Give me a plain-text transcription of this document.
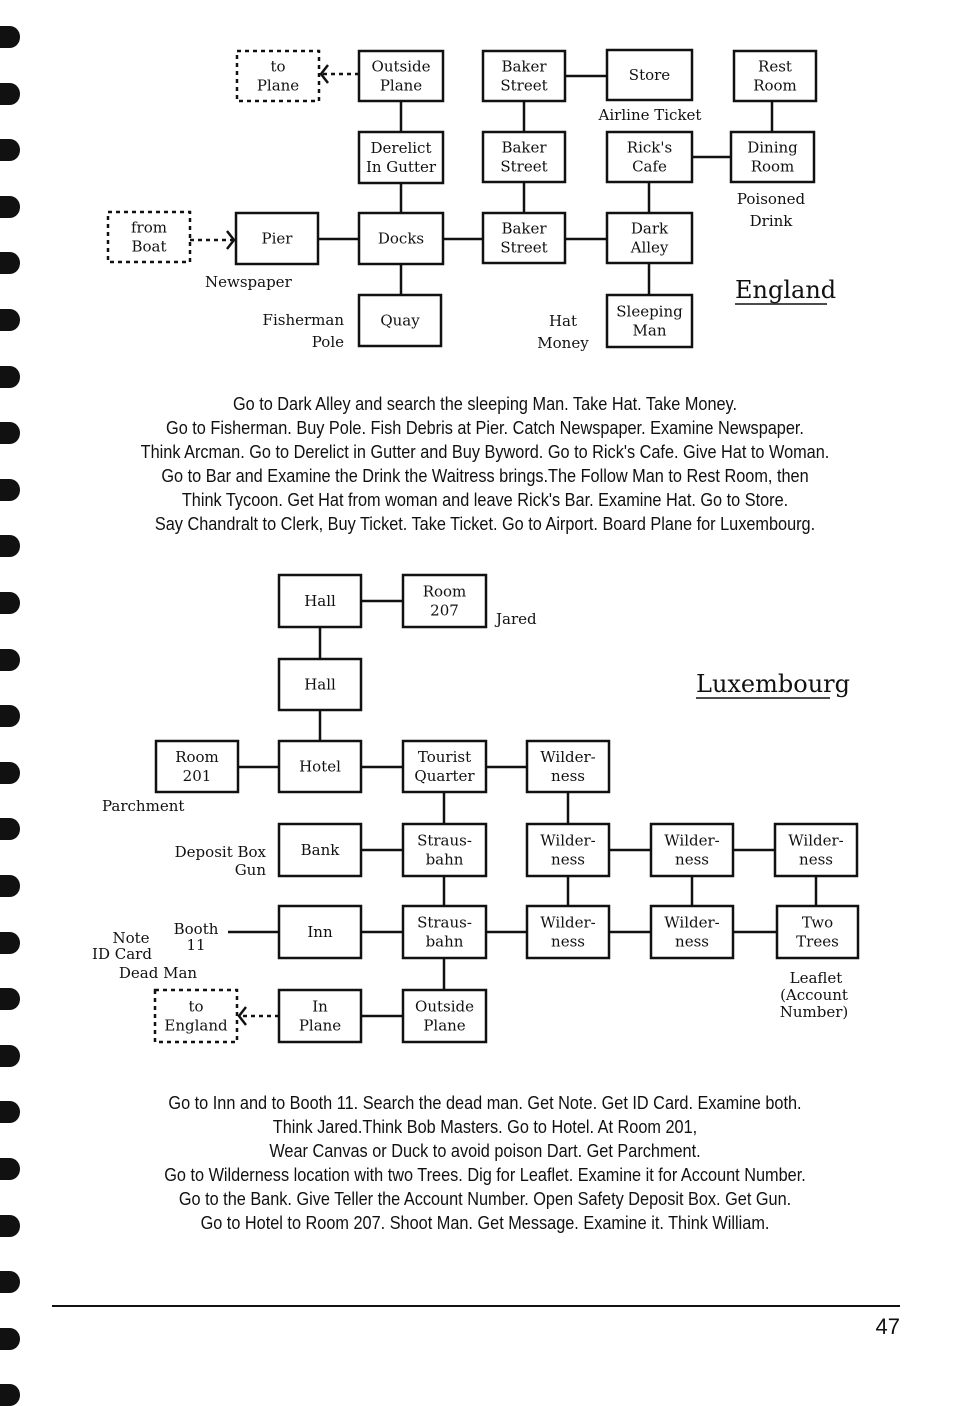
to
Plane
Outside
Plane
Baker
Street
Store	Rest
Room
Derelict
In Gutter
Baker
Street
Rick's
Cafe
Dining
Room
from
Boat	Pier	Docks
Baker
Street
Dark
Alley
Quay	Sleeping
Man
Hall
Room
207
Hall
Room
201
Hotel
Tourist
Quarter
Wilder-
ness
Bank
Straus-
bahn
Wilder-
ness
Wilder-
ness
Wilder-
ness
Inn
Straus-
bahn
Wilder-
ness
Wilder-
ness
Two
Trees
to
England
In
Plane
Outside
Plane
Airline Ticket
Poisoned
Drink
Newspaper
Fisherman
Pole
Hat
Money
England
Jared
Parchment
Deposit Box
Gun
Booth
11
Note
ID Card
Dead Man	Leaflet
(Account
Number)
Luxembourg
Go to Dark Alley and search the sleeping Man. Take Hat. Take Money.
Go to Fisherman. Buy Pole. Fish Debris at Pier. Catch Newspaper. Examine Newspaper.
Think Arcman. Go to Derelict in Gutter and Buy Byword. Go to Rick's Cafe. Give Hat to Woman.
Go to Bar and Examine the Drink the Waitress brings.The Follow Man to Rest Room, then
Think Tycoon. Get Hat from woman and leave Rick's Bar. Examine Hat. Go to Store.
Say Chandralt to Clerk, Buy Ticket. Take Ticket. Go to Airport. Board Plane for Luxembourg.
Go to Inn and to Booth 11. Search the dead man. Get Note. Get ID Card. Examine both.
Think Jared.Think Bob Masters. Go to Hotel. At Room 201,
Wear Canvas or Duck to avoid poison Dart. Get Parchment.
Go to Wilderness location with two Trees. Dig for Leaflet. Examine it for Account Number.
Go to the Bank. Give Teller the Account Number. Open Safety Deposit Box. Get Gun.
Go to Hotel to Room 207. Shoot Man. Get Message. Examine it. Think William.
47
